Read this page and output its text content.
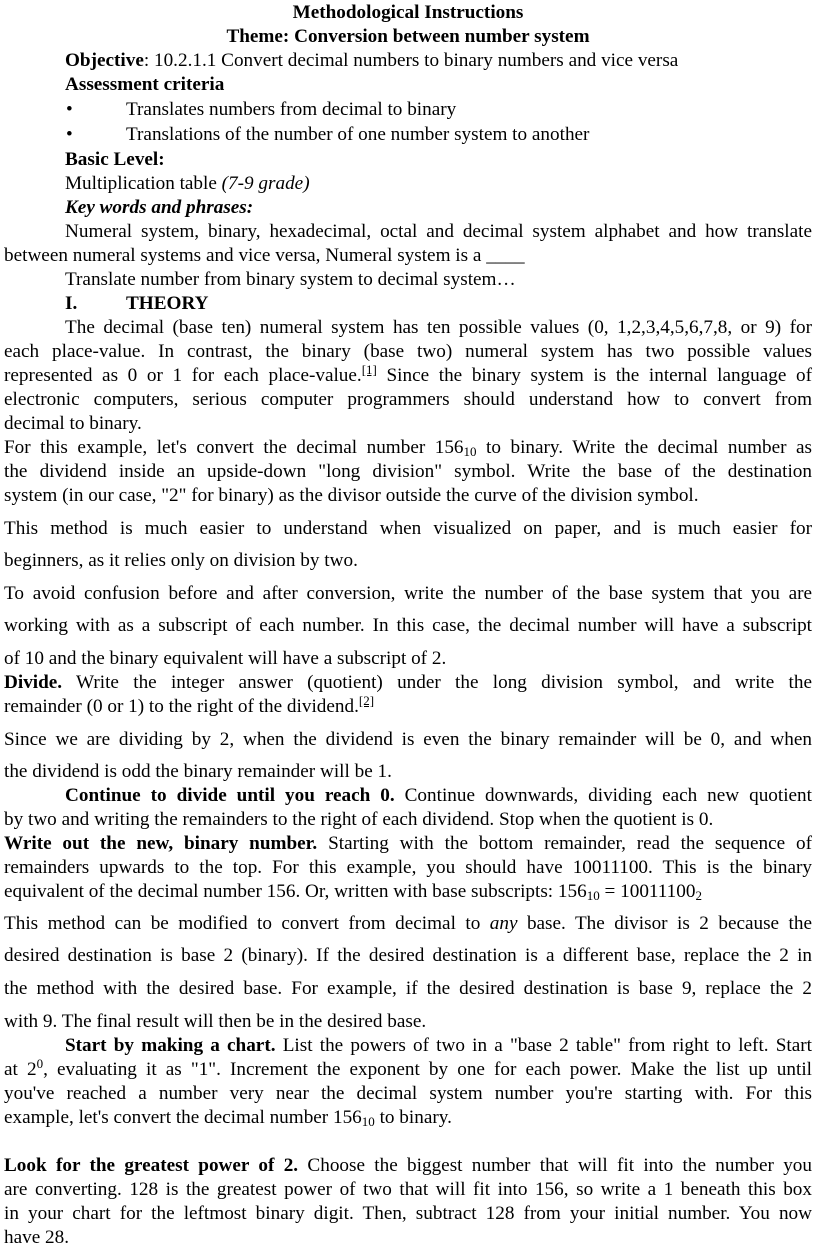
Methodological Instructions
Theme: Conversion between number system
Objective: 10.2.1.1 Convert decimal numbers to binary numbers and vice versa
Assessment criteria
•	Translates numbers from decimal to binary
•	Translations of the number of one number system to another
Basic Level:
Multiplication table (7-9 grade)
Key words and phrases:
Numeral system, binary, hexadecimal, octal and decimal system alphabet and how translate
between numeral systems and vice versa, Numeral system is a ____
Translate number from binary system to decimal system…
I.	THEORY
The decimal (base ten) numeral system has ten possible values (0, 1,2,3,4,5,6,7,8, or 9) for
each place-value. In contrast, the binary (base two) numeral system has two possible values
represented as 0 or 1 for each place-value.[1] Since the binary system is the internal language of
electronic computers, serious computer programmers should understand how to convert from
decimal to binary.
For this example, let's convert the decimal number $156_{10}$ to binary. Write the decimal number as
the dividend inside an upside-down "long division" symbol. Write the base of the destination
system (in our case, "2" for binary) as the divisor outside the curve of the division symbol.
This method is much easier to understand when visualized on paper, and is much easier for
beginners, as it relies only on division by two.
To avoid confusion before and after conversion, write the number of the base system that you are
working with as a subscript of each number. In this case, the decimal number will have a subscript
of 10 and the binary equivalent will have a subscript of 2.
Divide. Write the integer answer (quotient) under the long division symbol, and write the
remainder (0 or 1) to the right of the dividend.[2]
Since we are dividing by 2, when the dividend is even the binary remainder will be 0, and when
the dividend is odd the binary remainder will be 1.
Continue to divide until you reach 0. Continue downwards, dividing each new quotient
by two and writing the remainders to the right of each dividend. Stop when the quotient is 0.
Write out the new, binary number. Starting with the bottom remainder, read the sequence of
remainders upwards to the top. For this example, you should have 10011100. This is the binary
equivalent of the decimal number 156. Or, written with base subscripts: $156_{10} = 10011100_2$
This method can be modified to convert from decimal to any base. The divisor is 2 because the
desired destination is base 2 (binary). If the desired destination is a different base, replace the 2 in
the method with the desired base. For example, if the desired destination is base 9, replace the 2
with 9. The final result will then be in the desired base.
Start by making a chart. List the powers of two in a "base 2 table" from right to left. Start
at $2^0$, evaluating it as "1". Increment the exponent by one for each power. Make the list up until
you've reached a number very near the decimal system number you're starting with. For this
example, let's convert the decimal number $156_{10}$ to binary.
Look for the greatest power of 2. Choose the biggest number that will fit into the number you
are converting. 128 is the greatest power of two that will fit into 156, so write a 1 beneath this box
in your chart for the leftmost binary digit. Then, subtract 128 from your initial number. You now
have 28.
